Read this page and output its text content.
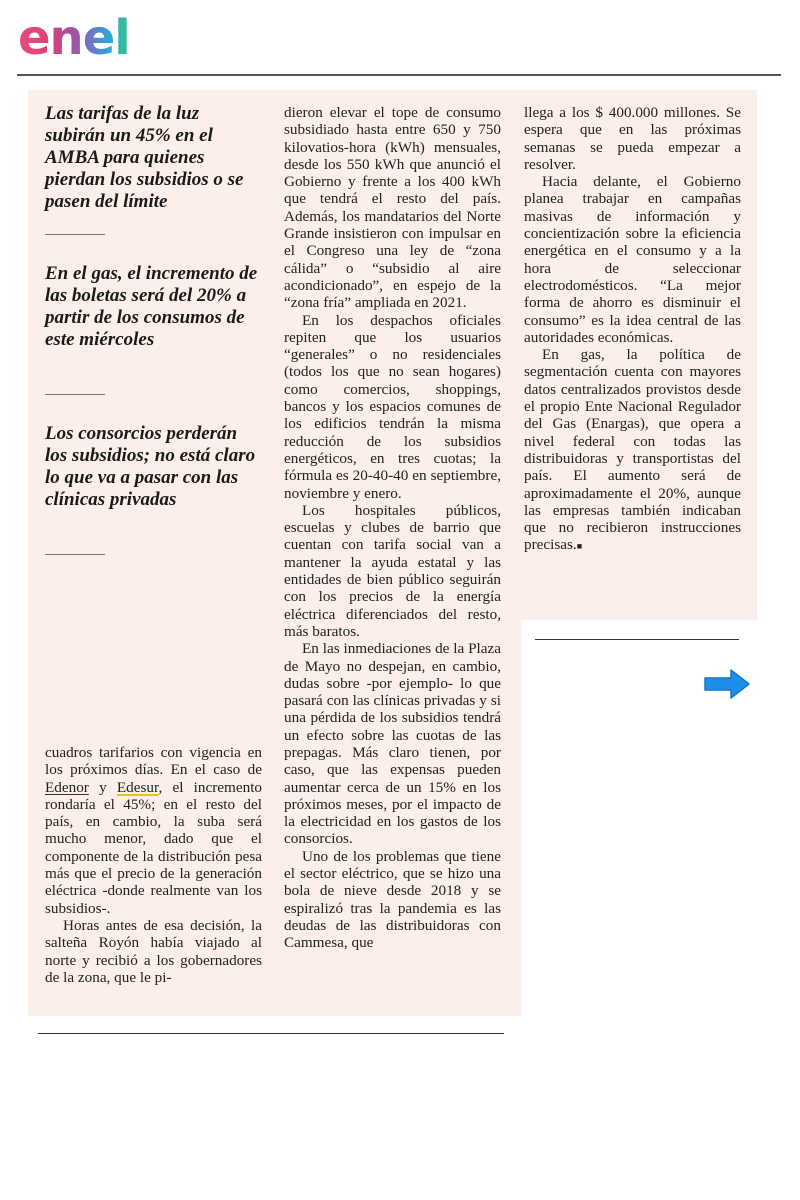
enel
Las tarifas de la luz subirán un 45% en el AMBA para quienes pierdan los subsidios o se pasen del límite
En el gas, el incremento de las boletas será del 20% a partir de los consumos de este miércoles
Los consorcios perderán los subsidios; no está claro lo que va a pasar con las clínicas privadas

cuadros tarifarios con vigencia en los próximos días. En el caso de Edenor y Edesur, el incremento rondaría el 45%; en el resto del país, en cambio, la suba será mucho menor, dado que el componente de la distribución pesa más que el precio de la generación eléctrica -donde realmente van los subsidios-.

Horas antes de esa decisión, la salteña Royón había viajado al norte y recibió a los gobernadores de la zona, que le pi-

dieron elevar el tope de consumo subsidiado hasta entre 650 y 750 kilovatios-hora (kWh) mensuales, desde los 550 kWh que anunció el Gobierno y frente a los 400 kWh que tendrá el resto del país. Además, los mandatarios del Norte Grande insistieron con impulsar en el Congreso una ley de “zona cálida” o “subsidio al aire acondicionado”, en espejo de la “zona fría” ampliada en 2021.

En los despachos oficiales repiten que los usuarios “generales” o no residenciales (todos los que no sean hogares) como comercios, shoppings, bancos y los espacios comunes de los edificios tendrán la misma reducción de los subsidios energéticos, en tres cuotas; la fórmula es 20-40-40 en septiembre, noviembre y enero.

Los hospitales públicos, escuelas y clubes de barrio que cuentan con tarifa social van a mantener la ayuda estatal y las entidades de bien público seguirán con los precios de la energía eléctrica diferenciados del resto, más baratos.

En las inmediaciones de la Plaza de Mayo no despejan, en cambio, dudas sobre -por ejemplo- lo que pasará con las clínicas privadas y si una pérdida de los subsidios tendrá un efecto sobre las cuotas de las prepagas. Más claro tienen, por caso, que las expensas pueden aumentar cerca de un 15% en los próximos meses, por el impacto de la electricidad en los gastos de los consorcios.

Uno de los problemas que tiene el sector eléctrico, que se hizo una bola de nieve desde 2018 y se espiralizó tras la pandemia es las deudas de las distribuidoras con Cammesa, que

llega a los $ 400.000 millones. Se espera que en las próximas semanas se pueda empezar a resolver.

Hacia delante, el Gobierno planea trabajar en campañas masivas de información y concientización sobre la eficiencia energética en el consumo y a la hora de seleccionar electrodomésticos. “La mejor forma de ahorro es disminuir el consumo” es la idea central de las autoridades económicas.

En gas, la política de segmentación cuenta con mayores datos centralizados provistos desde el propio Ente Nacional Regulador del Gas (Enargas), que opera a nivel federal con todas las distribuidoras y transportistas del país. El aumento será de aproximadamente el 20%, aunque las empresas también indicaban que no recibieron instrucciones precisas.■
